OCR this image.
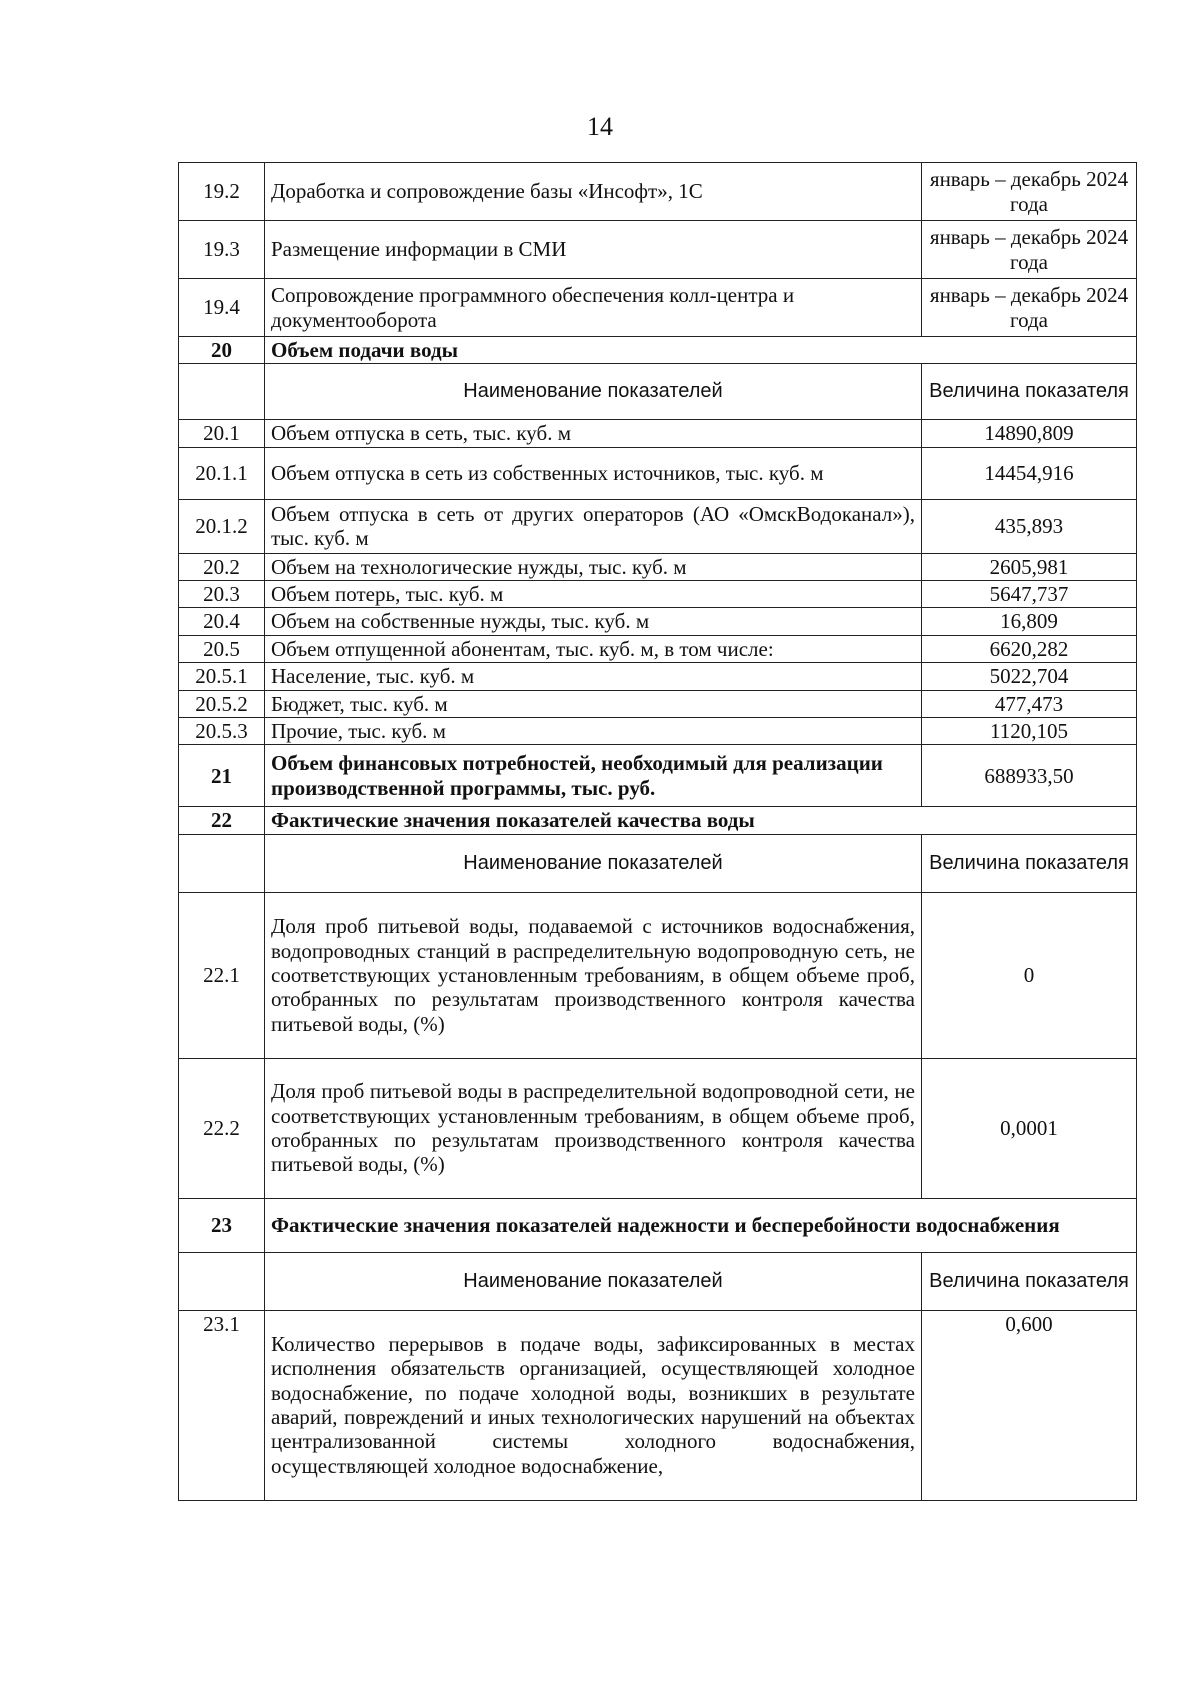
14
19.2	Доработка и сопровождение базы «Инсофт», 1С	январь – декабрь 2024 года
19.3	Размещение информации в СМИ	январь – декабрь 2024 года
19.4	Сопровождение программного обеспечения колл-центра и документооборота	январь – декабрь 2024 года
20	Объем подачи воды	
	Наименование показателей	Величина показателя
20.1	Объем отпуска в сеть, тыс. куб. м	14890,809
20.1.1	Объем отпуска в сеть из собственных источников, тыс. куб. м	14454,916
20.1.2	Объем отпуска в сеть от других операторов (АО «ОмскВодоканал»), тыс. куб. м	435,893
20.2	Объем на технологические нужды, тыс. куб. м	2605,981
20.3	Объем потерь, тыс. куб. м	5647,737
20.4	Объем на собственные нужды, тыс. куб. м	16,809
20.5	Объем отпущенной абонентам, тыс. куб. м, в том числе:	6620,282
20.5.1	Население, тыс. куб. м	5022,704
20.5.2	Бюджет, тыс. куб. м	477,473
20.5.3	Прочие, тыс. куб. м	1120,105
21	Объем финансовых потребностей, необходимый для реализации производственной программы, тыс. руб.	688933,50
22	Фактические значения показателей качества воды	
	Наименование показателей	Величина показателя
22.1	Доля проб питьевой воды, подаваемой с источников водоснабжения, водопроводных станций в распределительную водопроводную сеть, не соответствующих установленным требованиям, в общем объеме проб, отобранных по результатам производственного контроля качества питьевой воды, (%)	0
22.2	Доля проб питьевой воды в распределительной водопроводной сети, не соответствующих установленным требованиям, в общем объеме проб, отобранных по результатам производственного контроля качества питьевой воды, (%)	0,0001
23	Фактические значения показателей надежности и бесперебойности водоснабжения	
	Наименование показателей	Величина показателя
23.1	Количество перерывов в подаче воды, зафиксированных в местах исполнения обязательств организацией, осуществляющей холодное водоснабжение, по подаче холодной воды, возникших в результате аварий, повреждений и иных технологических нарушений на объектах централизованной системы холодного водоснабжения, осуществляющей холодное водоснабжение,	0,600
